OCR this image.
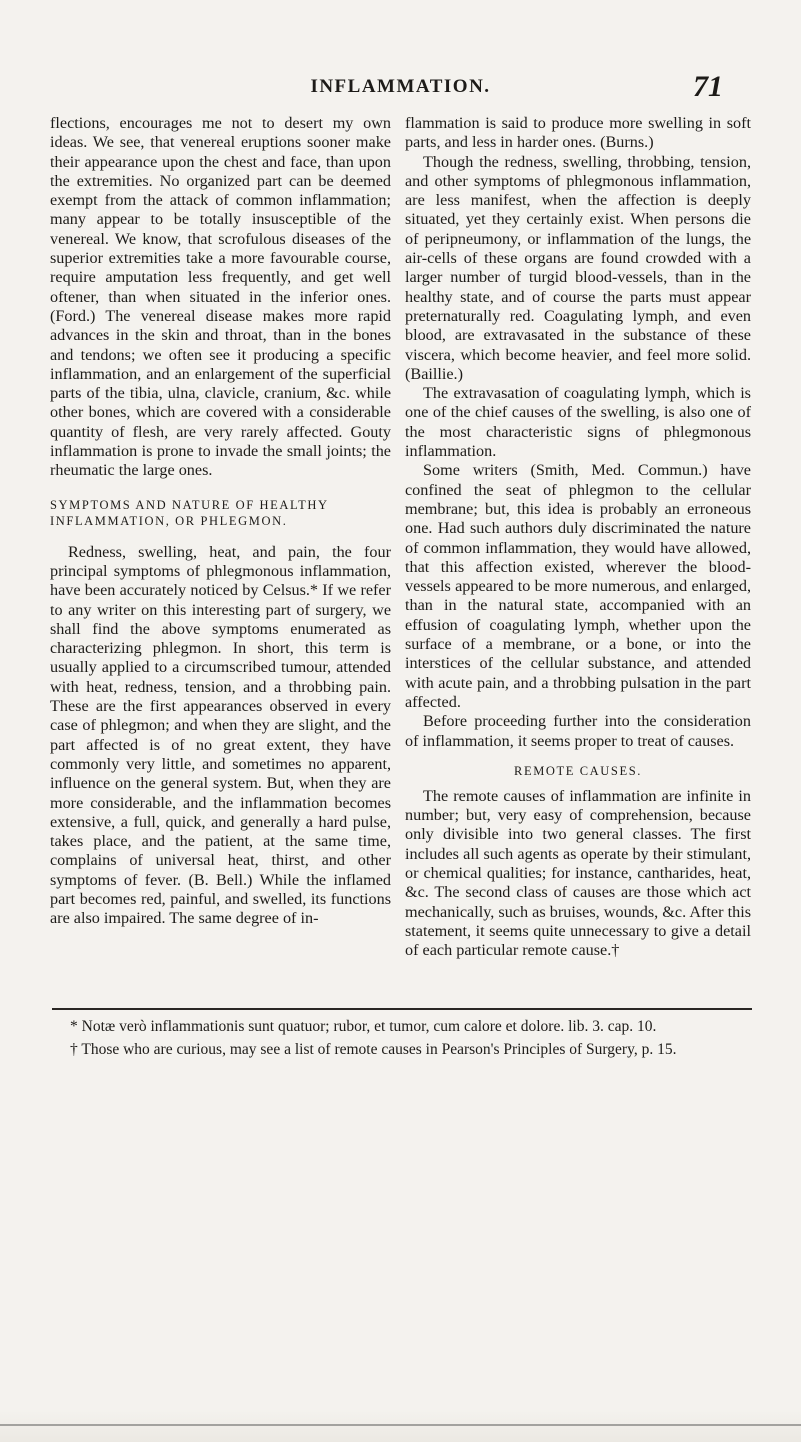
INFLAMMATION.	71

flections, encourages me not to desert my own ideas. We see, that venereal eruptions sooner make their appearance upon the chest and face, than upon the extremities. No organized part can be deemed exempt from the attack of common inflammation; many appear to be totally insusceptible of the venereal. We know, that scrofulous diseases of the superior extremities take a more favourable course, require amputation less frequently, and get well oftener, than when situated in the inferior ones. (Ford.) The venereal disease makes more rapid advances in the skin and throat, than in the bones and tendons; we often see it producing a specific inflammation, and an enlargement of the superficial parts of the tibia, ulna, clavicle, cranium, &c. while other bones, which are covered with a considerable quantity of flesh, are very rarely affected. Gouty inflammation is prone to invade the small joints; the rheumatic the large ones.

SYMPTOMS AND NATURE OF HEALTHY INFLAMMATION, OR PHLEGMON.

Redness, swelling, heat, and pain, the four principal symptoms of phlegmonous inflammation, have been accurately noticed by Celsus.* If we refer to any writer on this interesting part of surgery, we shall find the above symptoms enumerated as characterizing phlegmon. In short, this term is usually applied to a circumscribed tumour, attended with heat, redness, tension, and a throbbing pain. These are the first appearances observed in every case of phlegmon; and when they are slight, and the part affected is of no great extent, they have commonly very little, and sometimes no apparent, influence on the general system. But, when they are more considerable, and the inflammation becomes extensive, a full, quick, and generally a hard pulse, takes place, and the patient, at the same time, complains of universal heat, thirst, and other symptoms of fever. (B. Bell.) While the inflamed part becomes red, painful, and swelled, its functions are also impaired. The same degree of in-

flammation is said to produce more swelling in soft parts, and less in harder ones. (Burns.)

Though the redness, swelling, throbbing, tension, and other symptoms of phlegmonous inflammation, are less manifest, when the affection is deeply situated, yet they certainly exist. When persons die of peripneumony, or inflammation of the lungs, the air-cells of these organs are found crowded with a larger number of turgid blood-vessels, than in the healthy state, and of course the parts must appear preternaturally red. Coagulating lymph, and even blood, are extravasated in the substance of these viscera, which become heavier, and feel more solid. (Baillie.)

The extravasation of coagulating lymph, which is one of the chief causes of the swelling, is also one of the most characteristic signs of phlegmonous inflammation.

Some writers (Smith, Med. Commun.) have confined the seat of phlegmon to the cellular membrane; but, this idea is probably an erroneous one. Had such authors duly discriminated the nature of common inflammation, they would have allowed, that this affection existed, wherever the blood-vessels appeared to be more numerous, and enlarged, than in the natural state, accompanied with an effusion of coagulating lymph, whether upon the surface of a membrane, or a bone, or into the interstices of the cellular substance, and attended with acute pain, and a throbbing pulsation in the part affected.

Before proceeding further into the consideration of inflammation, it seems proper to treat of causes.

REMOTE CAUSES.

The remote causes of inflammation are infinite in number; but, very easy of comprehension, because only divisible into two general classes. The first includes all such agents as operate by their stimulant, or chemical qualities; for instance, cantharides, heat, &c. The second class of causes are those which act mechanically, such as bruises, wounds, &c. After this statement, it seems quite unnecessary to give a detail of each particular remote cause.†

* Notæ verò inflammationis sunt quatuor; rubor, et tumor, cum calore et dolore. lib. 3. cap. 10.

† Those who are curious, may see a list of remote causes in Pearson's Principles of Surgery, p. 15.
